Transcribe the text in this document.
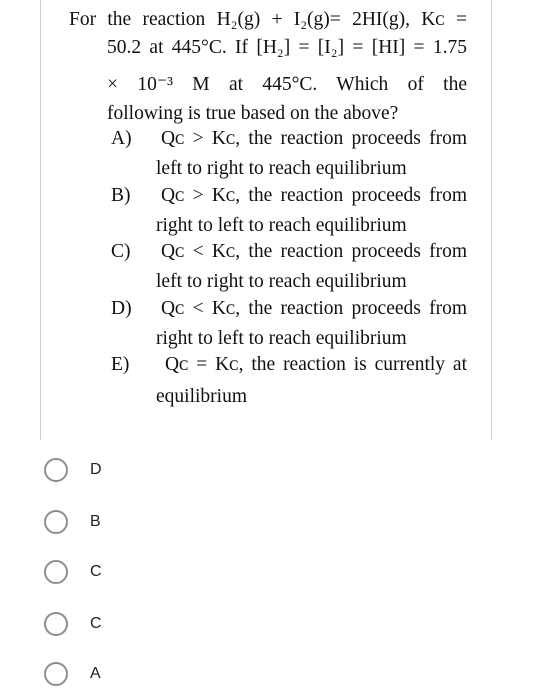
For the reaction H₂(g) + I₂(g)= 2HI(g), Kᴄ =
50.2 at 445°C. If [H₂] = [I₂] = [HI] = 1.75
× 10⁻³ M at 445°C. Which of the
following is true based on the above?
A) Qᴄ > Kᴄ, the reaction proceeds from
left to right to reach equilibrium
B) Qᴄ > Kᴄ, the reaction proceeds from
right to left to reach equilibrium
C) Qᴄ < Kᴄ, the reaction proceeds from
left to right to reach equilibrium
D) Qᴄ < Kᴄ, the reaction proceeds from
right to left to reach equilibrium
E) Qᴄ = Kᴄ, the reaction is currently at
equilibrium
D
B
C
C
A
